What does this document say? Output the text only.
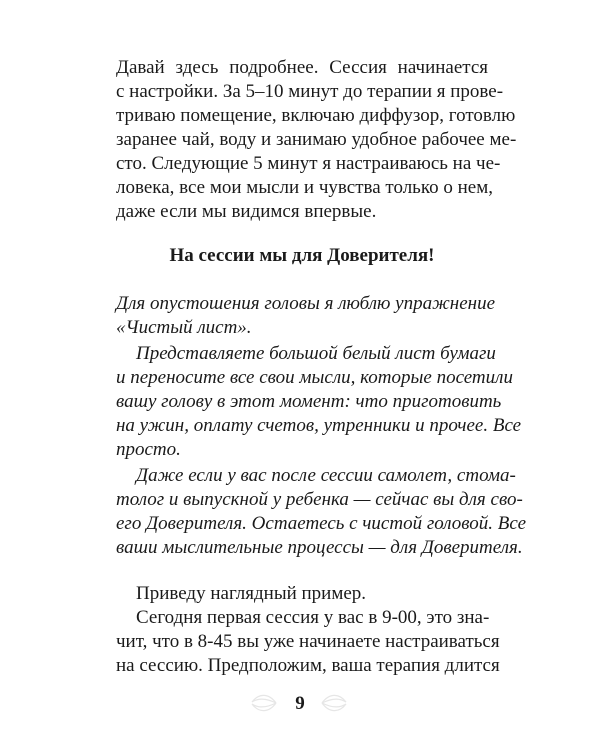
Давай здесь подробнее. Сессия начинается
с настройки. За 5–10 минут до терапии я прове-
триваю помещение, включаю диффузор, готовлю
заранее чай, воду и занимаю удобное рабочее ме-
сто. Следующие 5 минут я настраиваюсь на че-
ловека, все мои мысли и чувства только о нем,
даже если мы видимся впервые.
На сессии мы для Доверителя!
Для опустошения головы я люблю упражнение
«Чистый лист».
Представляете большой белый лист бумаги
и переносите все свои мысли, которые посетили
вашу голову в этот момент: что приготовить
на ужин, оплату счетов, утренники и прочее. Все
просто.
Даже если у вас после сессии самолет, стома-
толог и выпускной у ребенка — сейчас вы для сво-
его Доверителя. Остаетесь с чистой головой. Все
ваши мыслительные процессы — для Доверителя.
Приведу наглядный пример.
Сегодня первая сессия у вас в 9-00, это зна-
чит, что в 8-45 вы уже начинаете настраиваться
на сессию. Предположим, ваша терапия длится
9
